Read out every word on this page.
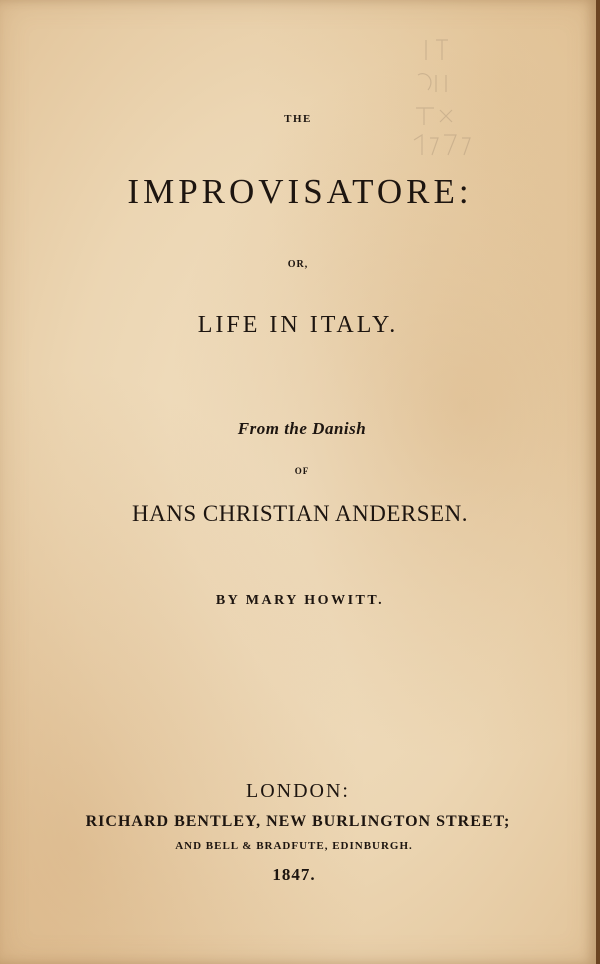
THE
IMPROVISATORE:
OR,
LIFE IN ITALY.
From the Danish
OF
HANS CHRISTIAN ANDERSEN.
BY MARY HOWITT.
LONDON:
RICHARD BENTLEY, NEW BURLINGTON STREET;
AND BELL & BRADFUTE, EDINBURGH.
1847.
